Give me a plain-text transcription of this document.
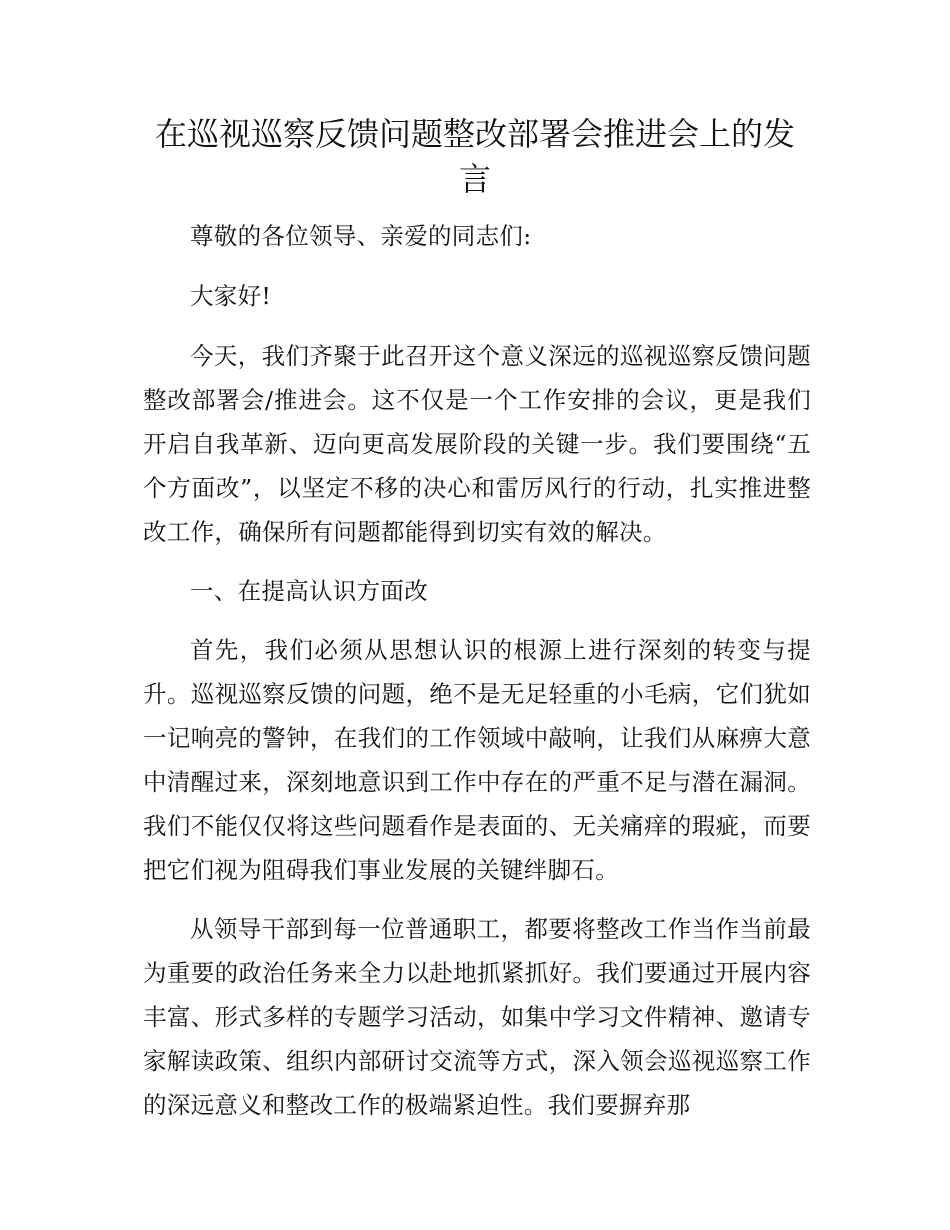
在巡视巡察反馈问题整改部署会推进会上的发言

尊敬的各位领导、亲爱的同志们:

大家好!

今天，我们齐聚于此召开这个意义深远的巡视巡察反馈问题整改部署会/推进会。这不仅是一个工作安排的会议，更是我们开启自我革新、迈向更高发展阶段的关键一步。我们要围绕“五个方面改”，以坚定不移的决心和雷厉风行的行动，扎实推进整改工作，确保所有问题都能得到切实有效的解决。

一、在提高认识方面改

首先，我们必须从思想认识的根源上进行深刻的转变与提升。巡视巡察反馈的问题，绝不是无足轻重的小毛病，它们犹如一记响亮的警钟，在我们的工作领域中敲响，让我们从麻痹大意中清醒过来，深刻地意识到工作中存在的严重不足与潜在漏洞。我们不能仅仅将这些问题看作是表面的、无关痛痒的瑕疵，而要把它们视为阻碍我们事业发展的关键绊脚石。

从领导干部到每一位普通职工，都要将整改工作当作当前最为重要的政治任务来全力以赴地抓紧抓好。我们要通过开展内容丰富、形式多样的专题学习活动，如集中学习文件精神、邀请专家解读政策、组织内部研讨交流等方式，深入领会巡视巡察工作的深远意义和整改工作的极端紧迫性。我们要摒弃那
